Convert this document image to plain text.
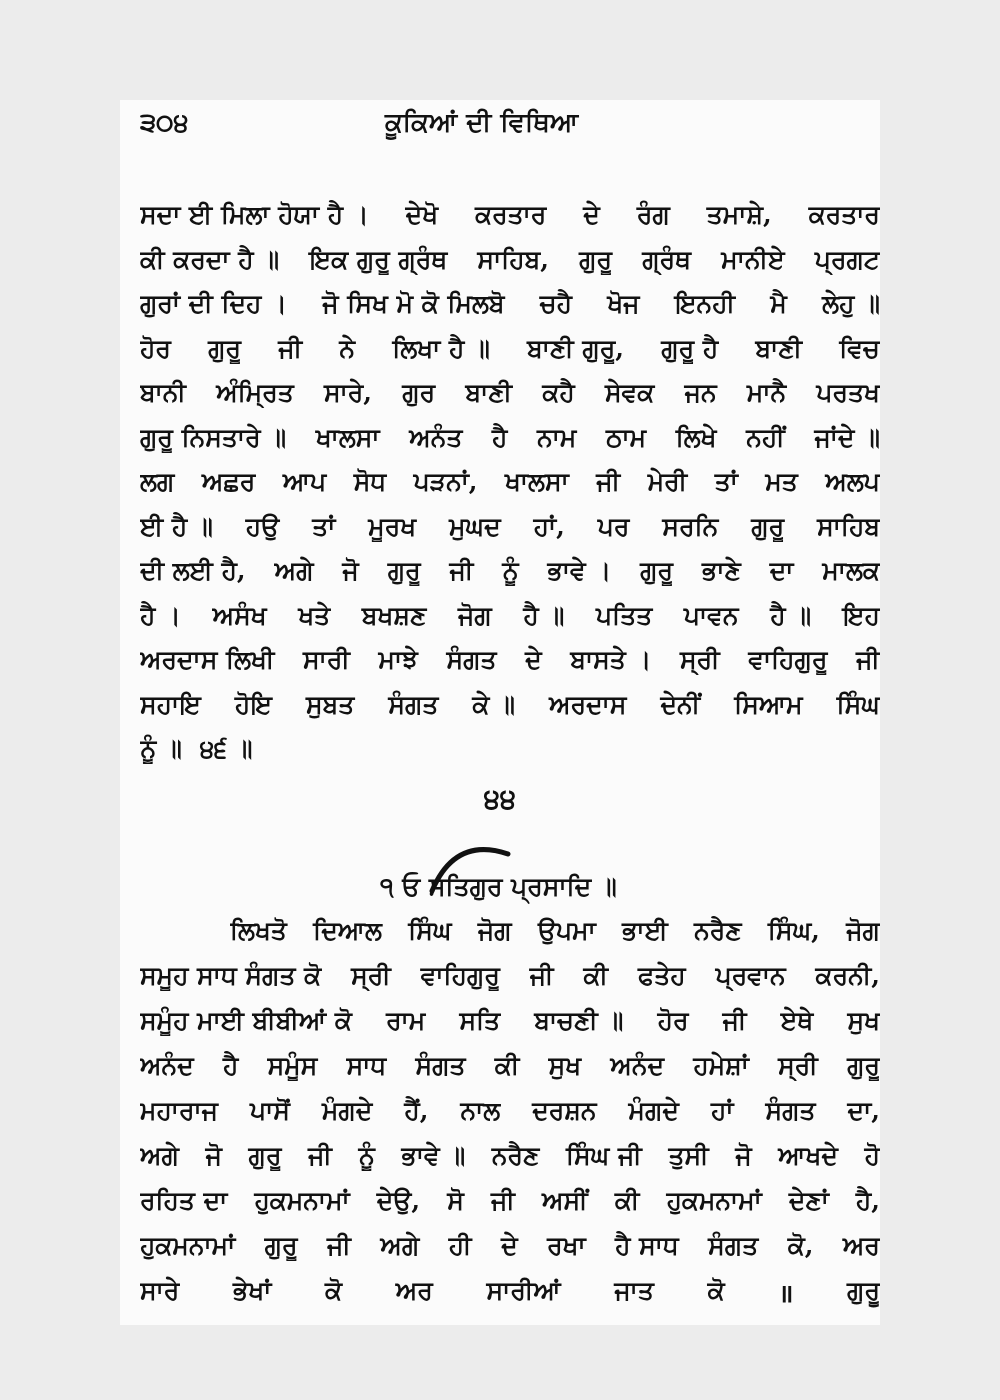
੩੦੪	ਕੂਕਿਆਂ ਦੀ ਵਿਥਿਆ
ਸਦਾ ਈ ਮਿਲਾ ਹੋਯਾ ਹੈ । ਦੇਖੋ ਕਰਤਾਰ ਦੇ ਰੰਗ ਤਮਾਸ਼ੇ, ਕਰਤਾਰ
ਕੀ ਕਰਦਾ ਹੈ ॥ ਇਕ ਗੁਰੂ ਗ੍ਰੰਥ ਸਾਹਿਬ, ਗੁਰੂ ਗ੍ਰੰਥ ਮਾਨੀਏ ਪ੍ਰਗਟ
ਗੁਰਾਂ ਦੀ ਦਿਹ । ਜੋ ਸਿਖ ਮੋ ਕੋ ਮਿਲਬੋ ਚਹੈ ਖੋਜ ਇਨਹੀ ਮੈ ਲੇਹੁ ॥
ਹੋਰ ਗੁਰੂ ਜੀ ਨੇ ਲਿਖਾ ਹੈ ॥ ਬਾਣੀ ਗੁਰੂ, ਗੁਰੂ ਹੈ ਬਾਣੀ ਵਿਚ
ਬਾਨੀ ਅੰਮ੍ਰਿਤ ਸਾਰੇ, ਗੁਰ ਬਾਣੀ ਕਹੈ ਸੇਵਕ ਜਨ ਮਾਨੈ ਪਰਤਖ
ਗੁਰੂ ਨਿਸਤਾਰੇ ॥ ਖਾਲਸਾ ਅਨੰਤ ਹੈ ਨਾਮ ਠਾਮ ਲਿਖੇ ਨਹੀਂ ਜਾਂਦੇ ॥
ਲਗ ਅਛਰ ਆਪ ਸੋਧ ਪੜਨਾਂ, ਖਾਲਸਾ ਜੀ ਮੇਰੀ ਤਾਂ ਮਤ ਅਲਪ
ਈ ਹੈ ॥ ਹਉ ਤਾਂ ਮੂਰਖ ਮੁਘਦ ਹਾਂ, ਪਰ ਸਰਨਿ ਗੁਰੂ ਸਾਹਿਬ
ਦੀ ਲਈ ਹੈ, ਅਗੇ ਜੋ ਗੁਰੂ ਜੀ ਨੂੰ ਭਾਵੇ । ਗੁਰੂ ਭਾਣੇ ਦਾ ਮਾਲਕ
ਹੈ । ਅਸੰਖ ਖਤੇ ਬਖਸ਼ਣ ਜੋਗ ਹੈ ॥ ਪਤਿਤ ਪਾਵਨ ਹੈ ॥ ਇਹ
ਅਰਦਾਸ ਲਿਖੀ ਸਾਰੀ ਮਾਝੇ ਸੰਗਤ ਦੇ ਬਾਸਤੇ । ਸ੍ਰੀ ਵਾਹਿਗੁਰੂ ਜੀ
ਸਹਾਇ ਹੋਇ ਸੁਬਤ ਸੰਗਤ ਕੇ ॥ ਅਰਦਾਸ ਦੇਨੀਂ ਸਿਆਮ ਸਿੰਘ
ਨੂੰ ॥ ੪੬ ॥
੪੪
੧ ਓ ਸਤਿਗੁਰ ਪ੍ਰਸਾਦਿ ॥
ਲਿਖਤੋ ਦਿਆਲ ਸਿੰਘ ਜੋਗ ਉਪਮਾ ਭਾਈ ਨਰੈਣ ਸਿੰਘ, ਜੋਗ
ਸਮੂਹ ਸਾਧ ਸੰਗਤ ਕੋ ਸ੍ਰੀ ਵਾਹਿਗੁਰੂ ਜੀ ਕੀ ਫਤੇਹ ਪ੍ਰਵਾਨ ਕਰਨੀ,
ਸਮੂੰਹ ਮਾਈ ਬੀਬੀਆਂ ਕੋ ਰਾਮ ਸਤਿ ਬਾਚਣੀ ॥ ਹੋਰ ਜੀ ਏਥੇ ਸੁਖ
ਅਨੰਦ ਹੈ ਸਮੂੰਸ ਸਾਧ ਸੰਗਤ ਕੀ ਸੁਖ ਅਨੰਦ ਹਮੇਸ਼ਾਂ ਸ੍ਰੀ ਗੁਰੂ
ਮਹਾਰਾਜ ਪਾਸੋਂ ਮੰਗਦੇ ਹੈਂ, ਨਾਲ ਦਰਸ਼ਨ ਮੰਗਦੇ ਹਾਂ ਸੰਗਤ ਦਾ,
ਅਗੇ ਜੋ ਗੁਰੂ ਜੀ ਨੂੰ ਭਾਵੇ ॥ ਨਰੈਣ ਸਿੰਘ ਜੀ ਤੁਸੀ ਜੋ ਆਖਦੇ ਹੋ
ਰਹਿਤ ਦਾ ਹੁਕਮਨਾਮਾਂ ਦੇਉ, ਸੋ ਜੀ ਅਸੀਂ ਕੀ ਹੁਕਮਨਾਮਾਂ ਦੇਣਾਂ ਹੈ,
ਹੁਕਮਨਾਮਾਂ ਗੁਰੂ ਜੀ ਅਗੇ ਹੀ ਦੇ ਰਖਾ ਹੈ ਸਾਧ ਸੰਗਤ ਕੋ, ਅਰ
ਸਾਰੇ ਭੇਖਾਂ ਕੋ ਅਰ ਸਾਰੀਆਂ ਜਾਤ ਕੋ ॥ ਗੁਰੂ
